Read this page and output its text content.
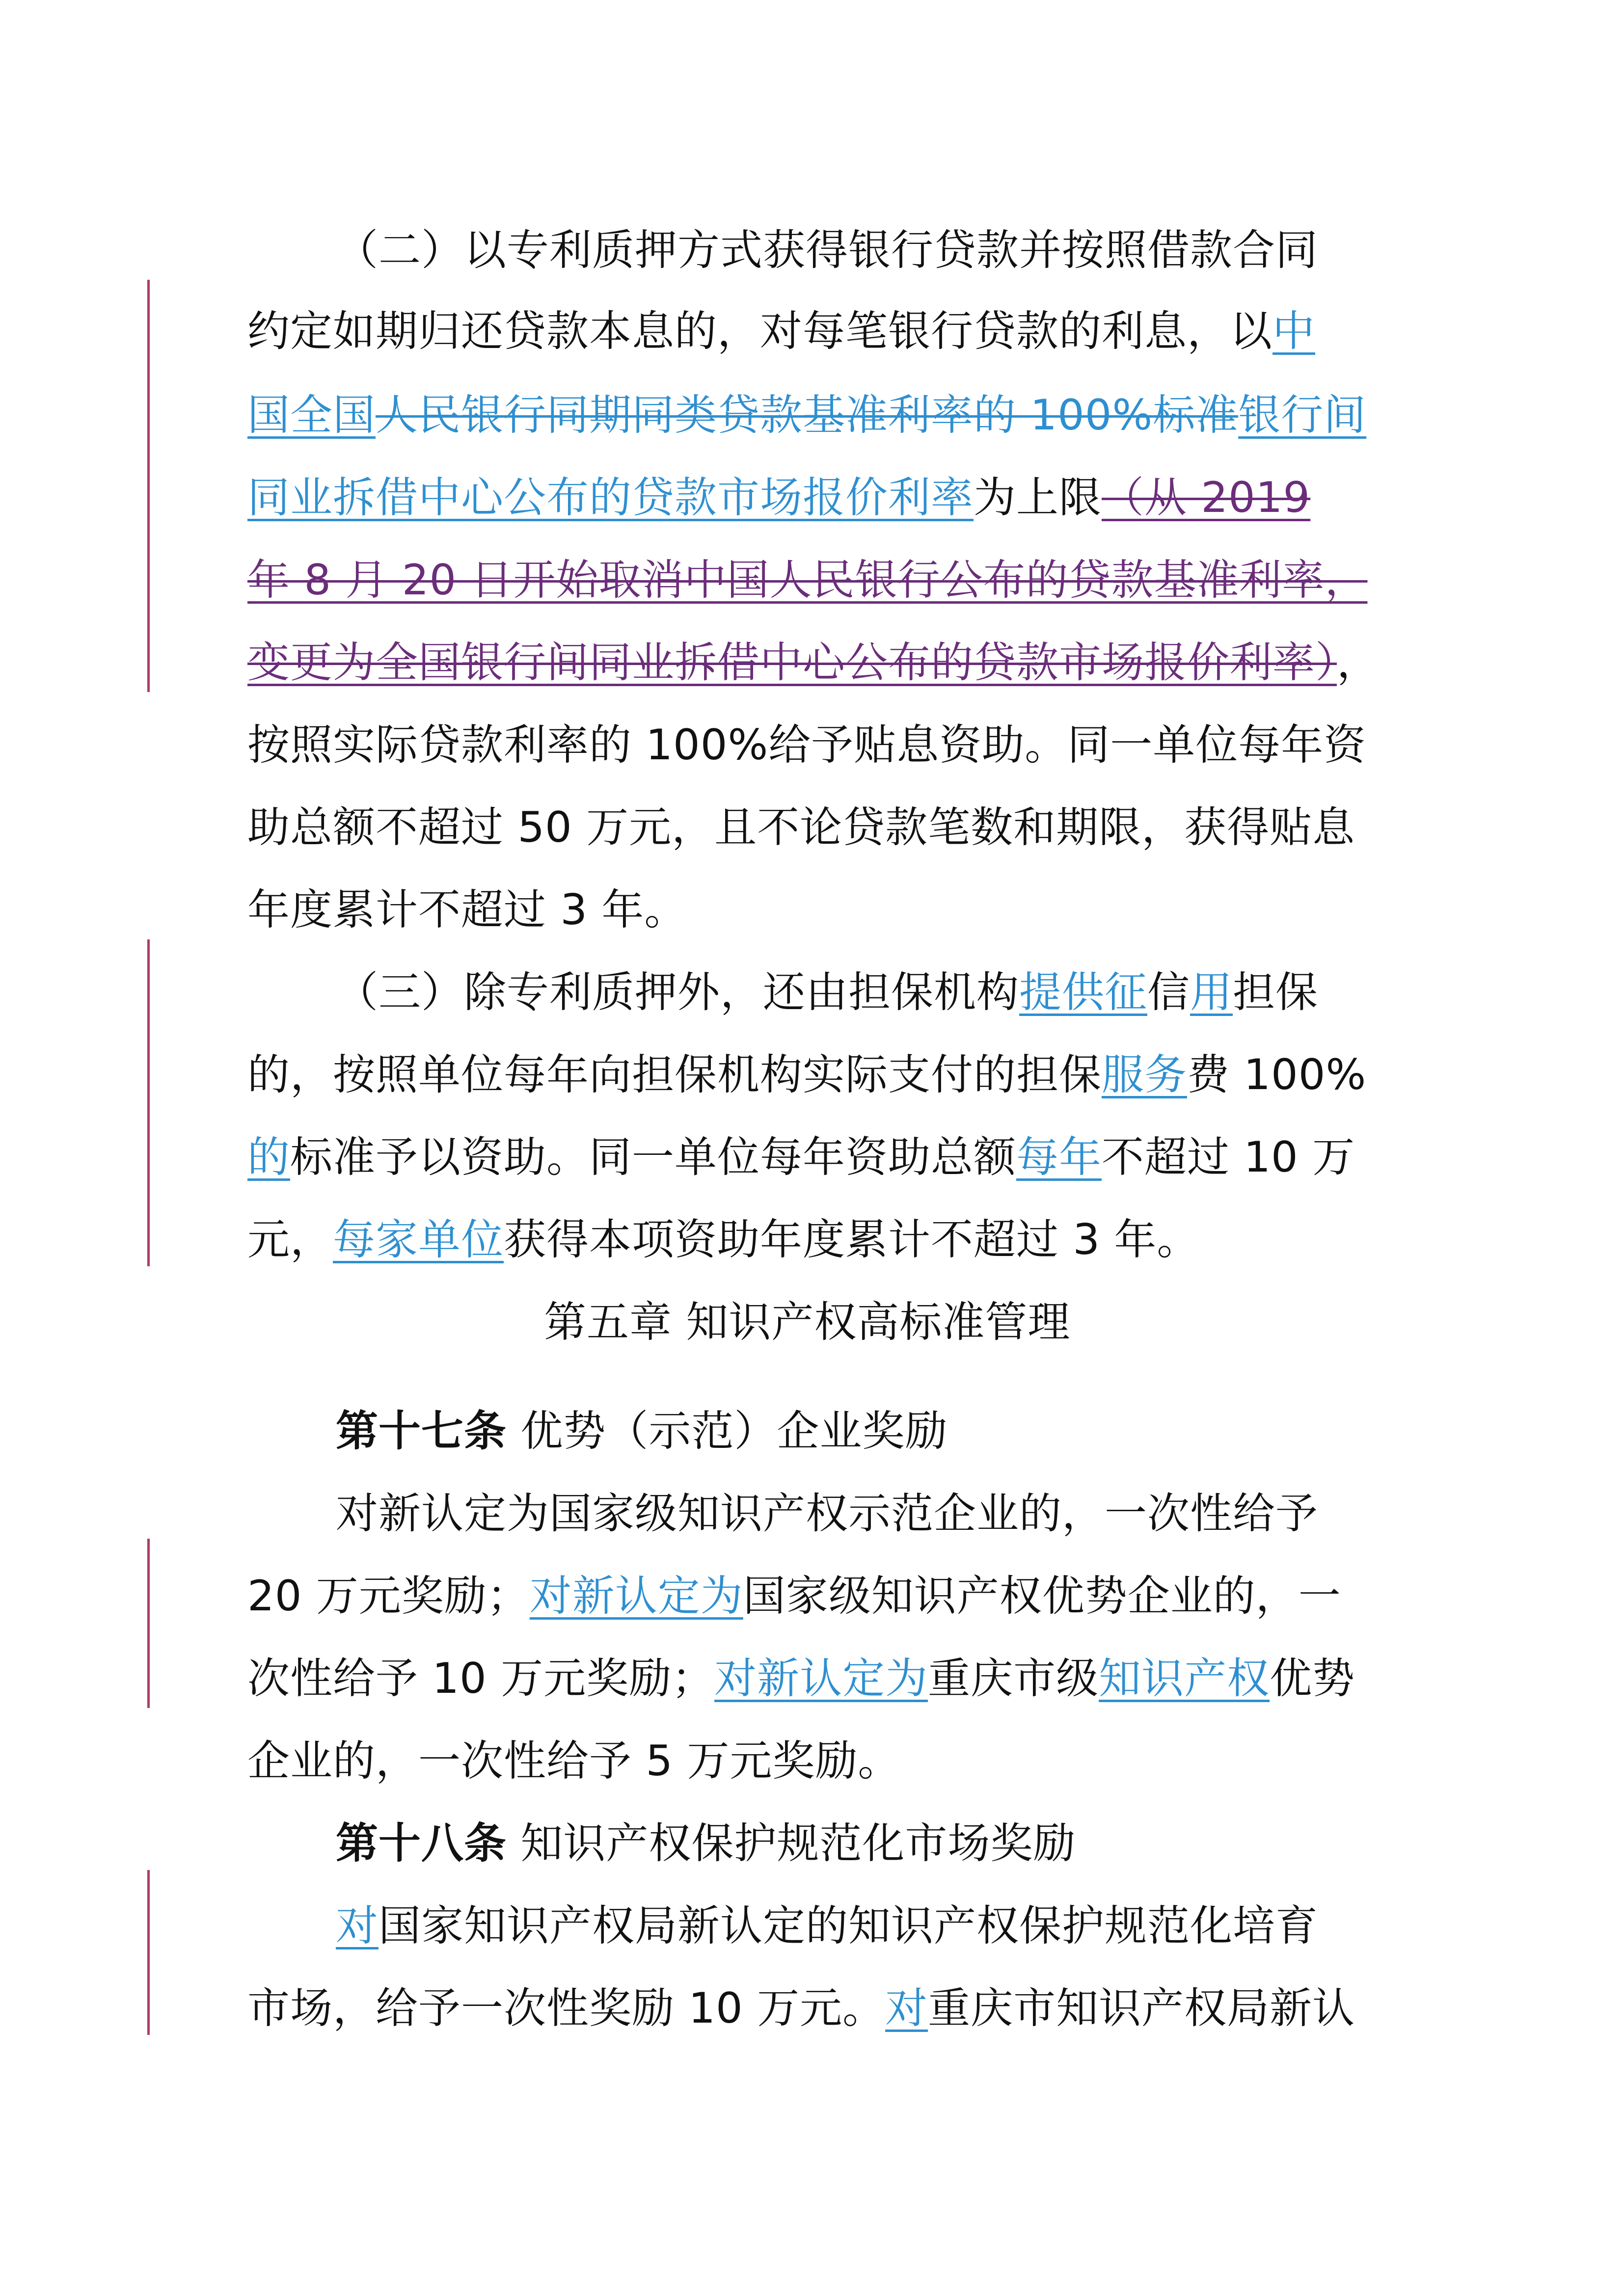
（二）以专利质押方式获得银行贷款并按照借款合同
约定如期归还贷款本息的，对每笔银行贷款的利息，以中
国全国人民银行同期同类贷款基准利率的 100%标准银行间
同业拆借中心公布的贷款市场报价利率为上限（从 2019
年 8 月 20 日开始取消中国人民银行公布的贷款基准利率，
变更为全国银行间同业拆借中心公布的贷款市场报价利率），
按照实际贷款利率的 100%给予贴息资助。同一单位每年资
助总额不超过 50 万元，且不论贷款笔数和期限，获得贴息
年度累计不超过 3 年。
（三）除专利质押外，还由担保机构提供征信用担保
的，按照单位每年向担保机构实际支付的担保服务费 100%
的标准予以资助。同一单位每年资助总额每年不超过 10 万
元，每家单位获得本项资助年度累计不超过 3 年。
第五章 知识产权高标准管理
第十七条 优势（示范）企业奖励
对新认定为国家级知识产权示范企业的，一次性给予
20 万元奖励；对新认定为国家级知识产权优势企业的，一
次性给予 10 万元奖励；对新认定为重庆市级知识产权优势
企业的，一次性给予 5 万元奖励。
第十八条 知识产权保护规范化市场奖励
对国家知识产权局新认定的知识产权保护规范化培育
市场，给予一次性奖励 10 万元。对重庆市知识产权局新认
